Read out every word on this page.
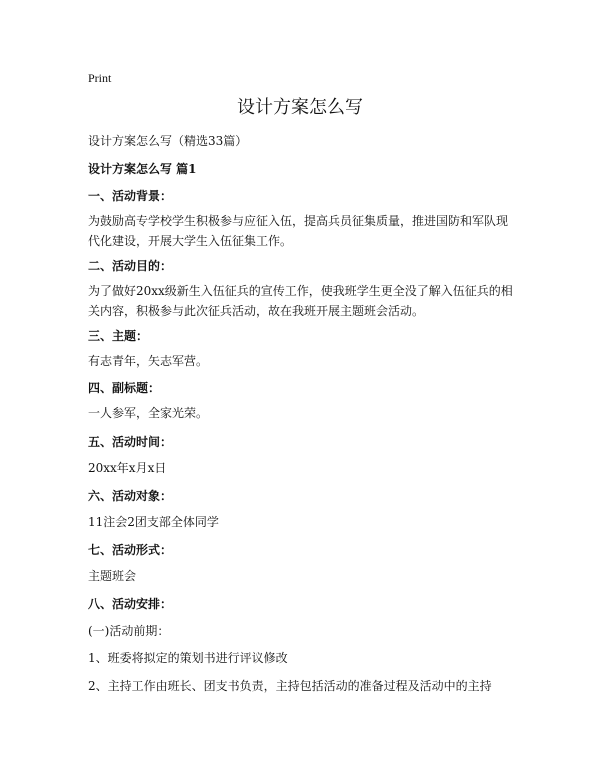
Print
设计方案怎么写
设计方案怎么写（精选33篇）
设计方案怎么写 篇1
一、活动背景：
为鼓励高专学校学生积极参与应征入伍，提高兵员征集质量，推进国防和军队现代化建设，开展大学生入伍征集工作。
二、活动目的：
为了做好20xx级新生入伍征兵的宣传工作，使我班学生更全没了解入伍征兵的相关内容，积极参与此次征兵活动，故在我班开展主题班会活动。
三、主题：
有志青年，矢志军营。
四、副标题：
一人参军，全家光荣。
五、活动时间：
20xx年x月x日
六、活动对象：
11注会2团支部全体同学
七、活动形式：
主题班会
八、活动安排：
(一)活动前期：
1、班委将拟定的策划书进行评议修改
2、主持工作由班长、团支书负责，主持包括活动的准备过程及活动中的主持
